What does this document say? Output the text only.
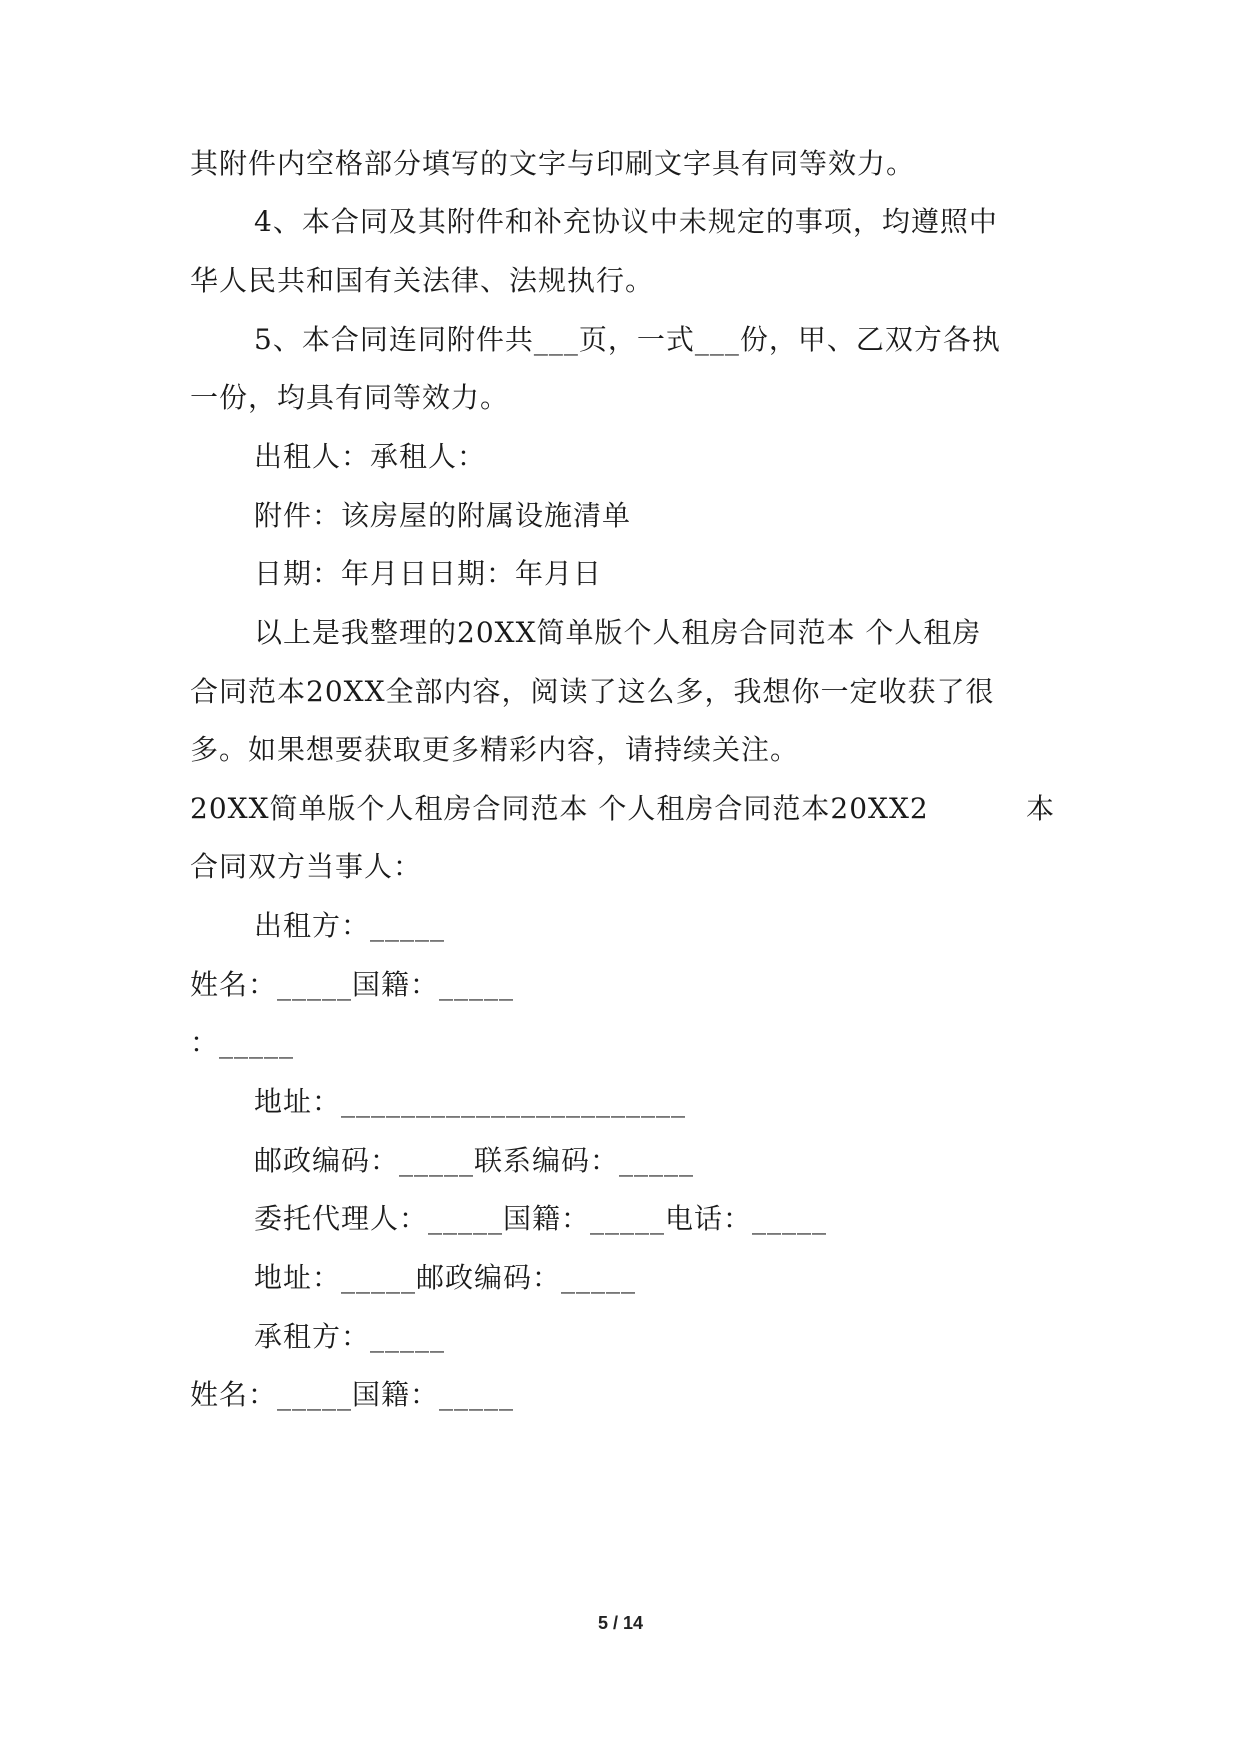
其附件内空格部分填写的文字与印刷文字具有同等效力。
4、本合同及其附件和补充协议中未规定的事项，均遵照中
华人民共和国有关法律、法规执行。
5、本合同连同附件共___页，一式___份，甲、乙双方各执
一份，均具有同等效力。
出租人：承租人：
附件：该房屋的附属设施清单
日期：年月日日期：年月日
以上是我整理的20XX简单版个人租房合同范本 个人租房
合同范本20XX全部内容，阅读了这么多，我想你一定收获了很
多。如果想要获取更多精彩内容，请持续关注。
20XX简单版个人租房合同范本 个人租房合同范本20XX2	本
合同双方当事人：
出租方：_____
姓名：_____国籍：_____
：_____
地址：_______________________
邮政编码：_____联系编码：_____
委托代理人：_____国籍：_____电话：_____
地址：_____邮政编码：_____
承租方：_____
姓名：_____国籍：_____
5 / 14
